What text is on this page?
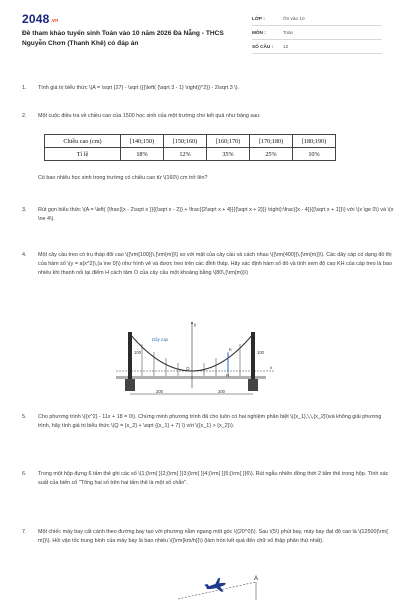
2048.vn
Đề tham khảo tuyển sinh Toán vào 10 năm 2026 Đà Nẵng - THCS Nguyễn Chơn (Thanh Khê) có đáp án
LỚP :	Ôn vào 10
MÔN :	Toán
SỐ CÂU :	12
1.	Tính giá trị biểu thức \(A = \sqrt {27} - \sqrt {{{\left( {\sqrt 3 - 1} \right)}^2}} - 2\sqrt 3 \).
2.	Một cuộc điều tra về chiều cao của 1500 học sinh của một trường cho kết quả như bảng sau:
Chiều cao (cm)	[140;150)	[150;160)	[160;170)	[170;180)	[180;190)
Tỉ lệ	18%	12%	35%	25%	10%
Có bao nhiêu học sinh trong trường có chiều cao từ \(160\) cm trở lên?
3.	Rút gọn biểu thức \(A = \left( {\frac{{x - 2\sqrt x }}{{\sqrt x - 2}} + \frac{{2\sqrt x + 4}}{{\sqrt x + 2}}} \right):\frac{{x - 4}}{{\sqrt x + 1}}\) với \(x \ge 0\) và \(x \ne 4\).
4.	Một cây cầu treo có trụ tháp đôi cao \({\rm{100}}\,{\rm{m}}\) so với mặt của cây cầu và cách nhau \({\rm{400}}\,{\rm{m}}\). Các dây cáp có dạng đồ thị của hàm số \(y = a{x^2}\,(a \ne 0)\) như hình vẽ và được treo trên các đỉnh tháp. Hãy xác định hàm số đó và tính xem độ cao KH của cáp treo là bao nhiêu khi thanh nối tại điểm H cách tâm O của cây cầu một khoảng bằng \(80\,{\rm{m}}\)
Dây cáp
y
x
100	100
O
K
H
200	200
5.	Cho phương trình \({x^2} - 11x + 18 = 0\). Chứng minh phương trình đã cho luôn có hai nghiệm phân biệt \({x_1},\,\,{x_2}\)và không giải phương trình, hãy tính giá trị biểu thức \(Q = {x_2} + \sqrt {{x_1} + 7} \) với \({x_1} > {x_2}\).
6.	Trong một hộp đựng 6 tấm thẻ ghi các số \(1;{\rm{ }}2;{\rm{ }}3;{\rm{ }}4;{\rm{ }}5;{\rm{ }}6\). Rút ngẫu nhiên đồng thời 2 tấm thẻ trong hộp. Tính xác suất của biến cố "Tổng hai số trên hai tấm thẻ là một số chẵn".
7.	Một chiếc máy bay cất cánh theo đường bay tạo với phương nằm ngang một góc \({20^0}\). Sau \(5\) phút bay, máy bay đạt độ cao là \(12500{\rm{ m}}\). Hỏi vận tốc trung bình của máy bay là bao nhiêu \({\rm{km/h}}\) (làm tròn kết quả đến chữ số thập phân thứ nhất).
A
